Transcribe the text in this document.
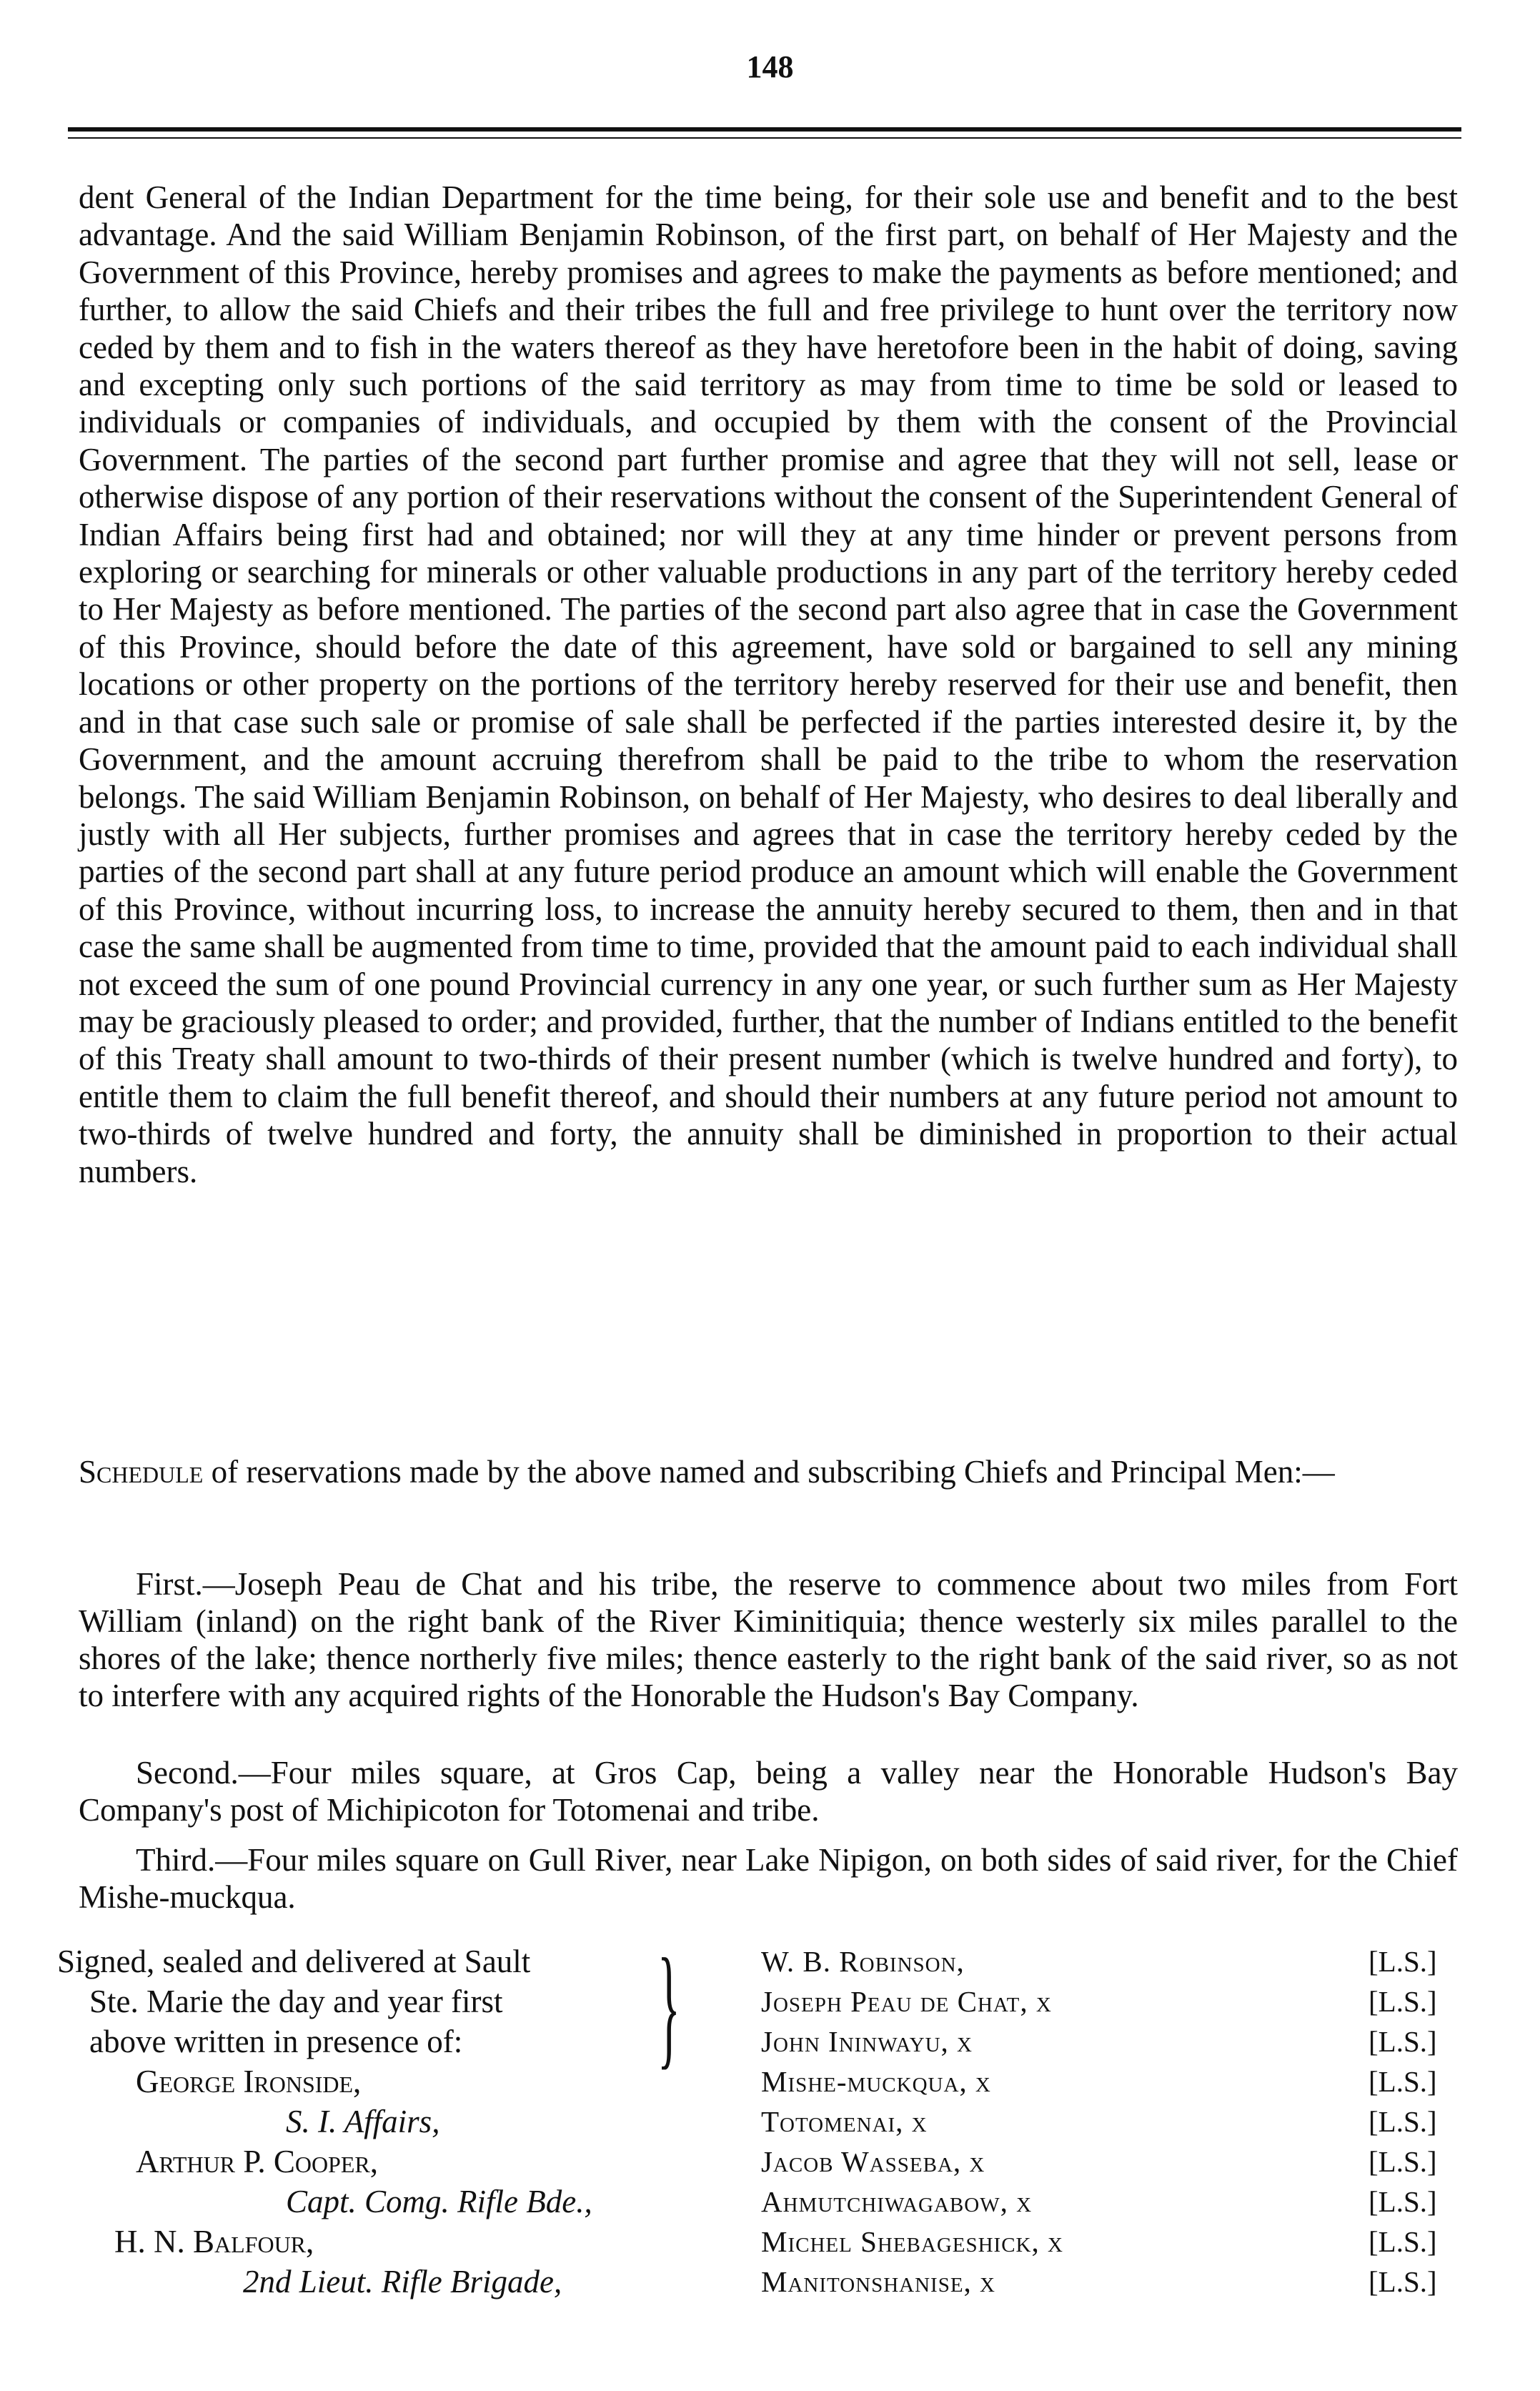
148

dent General of the Indian Department for the time being, for their sole use and benefit and to the best advantage. And the said William Benjamin Robinson, of the first part, on behalf of Her Majesty and the Government of this Province, hereby promises and agrees to make the payments as before mentioned; and further, to allow the said Chiefs and their tribes the full and free privilege to hunt over the territory now ceded by them and to fish in the waters thereof as they have heretofore been in the habit of doing, saving and excepting only such portions of the said territory as may from time to time be sold or leased to individuals or companies of individuals, and occupied by them with the consent of the Provincial Government. The parties of the second part further promise and agree that they will not sell, lease or otherwise dispose of any portion of their reservations without the consent of the Superintendent General of Indian Affairs being first had and obtained; nor will they at any time hinder or prevent persons from exploring or searching for minerals or other valuable productions in any part of the territory hereby ceded to Her Majesty as before mentioned. The parties of the second part also agree that in case the Government of this Province, should before the date of this agreement, have sold or bargained to sell any mining locations or other property on the portions of the territory hereby reserved for their use and benefit, then and in that case such sale or promise of sale shall be perfected if the parties interested desire it, by the Government, and the amount accruing therefrom shall be paid to the tribe to whom the reservation belongs. The said William Benjamin Robinson, on behalf of Her Majesty, who desires to deal liberally and justly with all Her subjects, further promises and agrees that in case the territory hereby ceded by the parties of the second part shall at any future period produce an amount which will enable the Government of this Province, without incurring loss, to increase the annuity hereby secured to them, then and in that case the same shall be augmented from time to time, provided that the amount paid to each individual shall not exceed the sum of one pound Provincial currency in any one year, or such further sum as Her Majesty may be graciously pleased to order; and provided, further, that the number of Indians entitled to the benefit of this Treaty shall amount to two-thirds of their present number (which is twelve hundred and forty), to entitle them to claim the full benefit thereof, and should their numbers at any future period not amount to two-thirds of twelve hundred and forty, the annuity shall be diminished in proportion to their actual numbers.

Schedule of reservations made by the above named and subscribing Chiefs and Principal Men:—

First.—Joseph Peau de Chat and his tribe, the reserve to commence about two miles from Fort William (inland) on the right bank of the River Kiminitiquia; thence westerly six miles parallel to the shores of the lake; thence northerly five miles; thence easterly to the right bank of the said river, so as not to interfere with any acquired rights of the Honorable the Hudson's Bay Company.

Second.—Four miles square, at Gros Cap, being a valley near the Honorable Hudson's Bay Company's post of Michipicoton for Totomenai and tribe.

Third.—Four miles square on Gull River, near Lake Nipigon, on both sides of said river, for the Chief Mishe-muckqua.

Signed, sealed and delivered at Sault
Ste. Marie the day and year first
above written in presence of:

George Ironside,
S. I. Affairs,
Arthur P. Cooper,
Capt. Comg. Rifle Bde.,
H. N. Balfour,
2nd Lieut. Rifle Brigade,
}	W. B. Robinson,	[L.S.]
Joseph Peau de Chat, x	[L.S.]
John Ininwayu, x	[L.S.]
Mishe-muckqua, x	[L.S.]
Totomenai, x	[L.S.]
Jacob Wasseba, x	[L.S.]
Ahmutchiwagabow, x	[L.S.]
Michel Shebageshick, x	[L.S.]
Manitonshanise, x	[L.S.]
